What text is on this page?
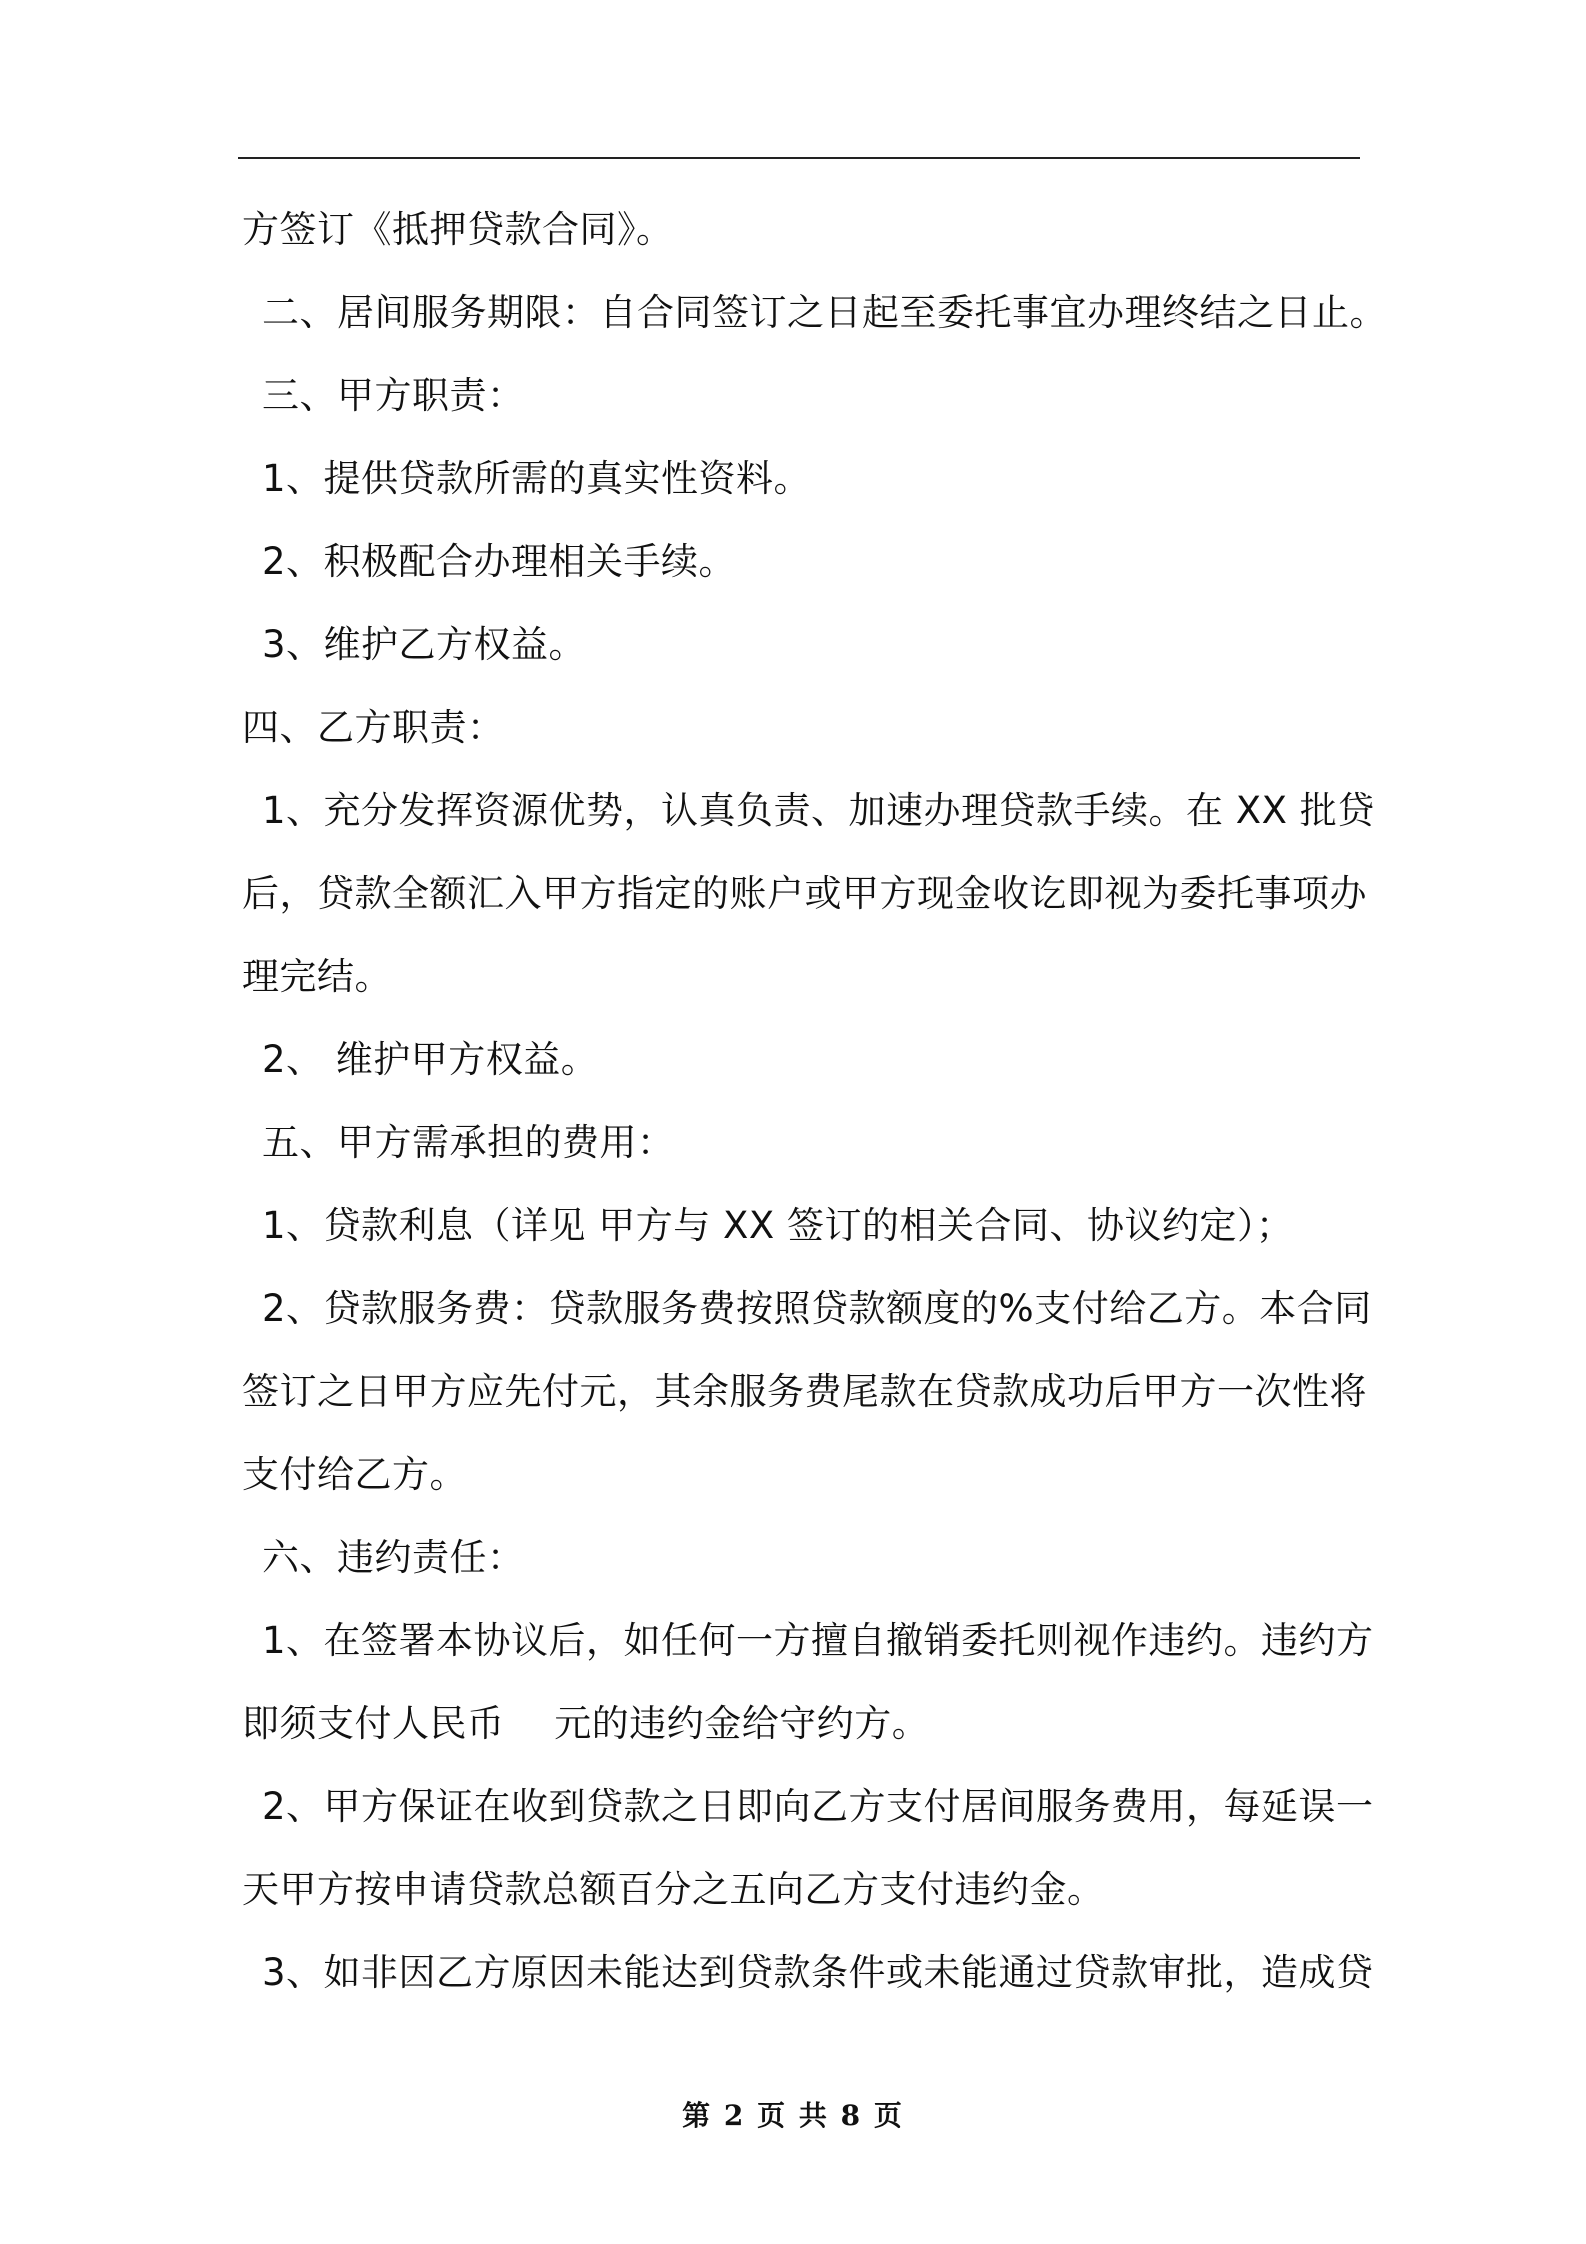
方签订《抵押贷款合同》。
二、居间服务期限：自合同签订之日起至委托事宜办理终结之日止。
三、甲方职责：
1、提供贷款所需的真实性资料。
2、积极配合办理相关手续。
3、维护乙方权益。
四、乙方职责：
1、充分发挥资源优势，认真负责、加速办理贷款手续。在 XX 批贷
后，贷款全额汇入甲方指定的账户或甲方现金收讫即视为委托事项办
理完结。
2、 维护甲方权益。
五、甲方需承担的费用：
1、贷款利息（详见 甲方与 XX 签订的相关合同、协议约定）；
2、贷款服务费：贷款服务费按照贷款额度的%支付给乙方。本合同
签订之日甲方应先付元，其余服务费尾款在贷款成功后甲方一次性将
支付给乙方。
六、违约责任：
1、在签署本协议后，如任何一方擅自撤销委托则视作违约。违约方
即须支付人民币　 元的违约金给守约方。
2、甲方保证在收到贷款之日即向乙方支付居间服务费用，每延误一
天甲方按申请贷款总额百分之五向乙方支付违约金。
3、如非因乙方原因未能达到贷款条件或未能通过贷款审批，造成贷
第 2 页 共 8 页
